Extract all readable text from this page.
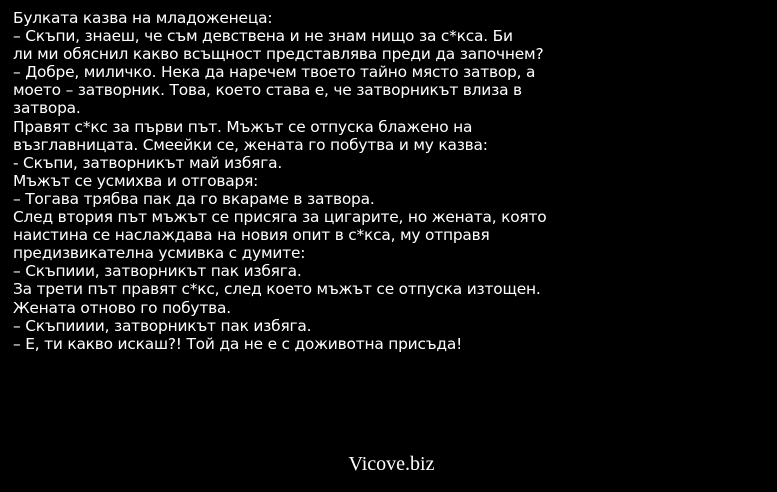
Булката казва на младоженеца:
– Скъпи, знаеш, че съм девствена и не знам нищо за с*кса. Би
ли ми обяснил какво всъщност представлява преди да започнем?
– Добре, миличко. Нека да наречем твоето тайно място затвор, а
моето – затворник. Това, което става е, че затворникът влиза в
затвора.
Правят с*кс за първи път. Мъжът се отпуска блажено на
възглавницата. Смеейки се, жената го побутва и му казва:
- Скъпи, затворникът май избяга.
Мъжът се усмихва и отговаря:
– Тогава трябва пак да го вкараме в затвора.
След втория път мъжът се присяга за цигарите, но жената, която
наистина се наслаждава на новия опит в с*кса, му отправя
предизвикателна усмивка с думите:
– Скъпиии, затворникът пак избяга.
За трети път правят с*кс, след което мъжът се отпуска изтощен.
Жената отново го побутва.
– Скъпииии, затворникът пак избяга.
– Е, ти какво искаш?! Той да не е с доживотна присъда!
Vicove.biz
